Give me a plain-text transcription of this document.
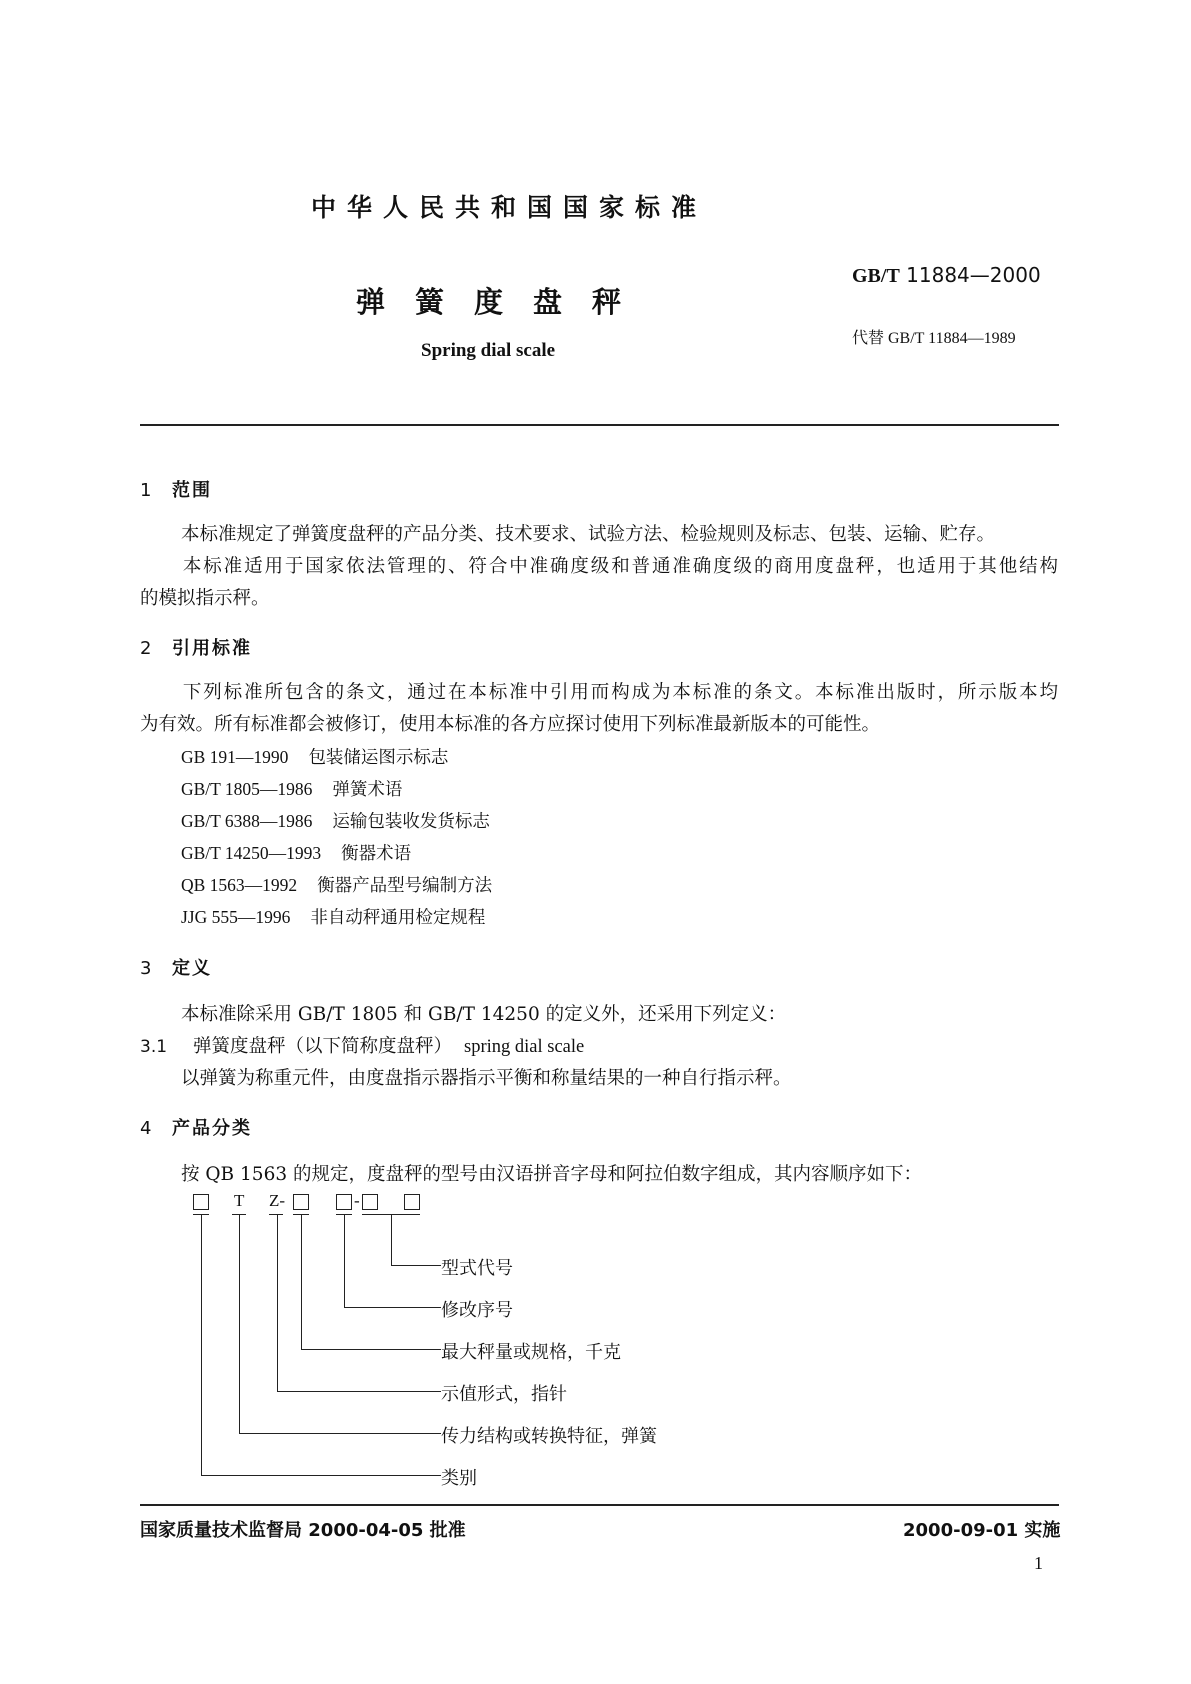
中华人民共和国国家标准
弹簧度盘秤
Spring dial scale
GB/T 11884—2000
代替 GB/T 11884—1989
1 范围
本标准规定了弹簧度盘秤的产品分类、技术要求、试验方法、检验规则及标志、包装、运输、贮存。
本标准适用于国家依法管理的、符合中准确度级和普通准确度级的商用度盘秤，也适用于其他结构
的模拟指示秤。
2 引用标准
下列标准所包含的条文，通过在本标准中引用而构成为本标准的条文。本标准出版时，所示版本均
为有效。所有标准都会被修订，使用本标准的各方应探讨使用下列标准最新版本的可能性。
GB 191—1990 包装储运图示标志
GB/T 1805—1986 弹簧术语
GB/T 6388—1986 运输包装收发货标志
GB/T 14250—1993 衡器术语
QB 1563—1992 衡器产品型号编制方法
JJG 555—1996 非自动秤通用检定规程
3 定义
本标准除采用 GB/T 1805 和 GB/T 14250 的定义外，还采用下列定义：
3.1 弹簧度盘秤（以下简称度盘秤） spring dial scale
以弹簧为称重元件，由度盘指示器指示平衡和称量结果的一种自行指示秤。
4 产品分类
按 QB 1563 的规定，度盘秤的型号由汉语拼音字母和阿拉伯数字组成，其内容顺序如下：
T Z-	-
型式代号
修改序号
最大秤量或规格，千克
示值形式，指针
传力结构或转换特征，弹簧
类别
国家质量技术监督局 2000-04-05 批准	2000-09-01 实施
1
